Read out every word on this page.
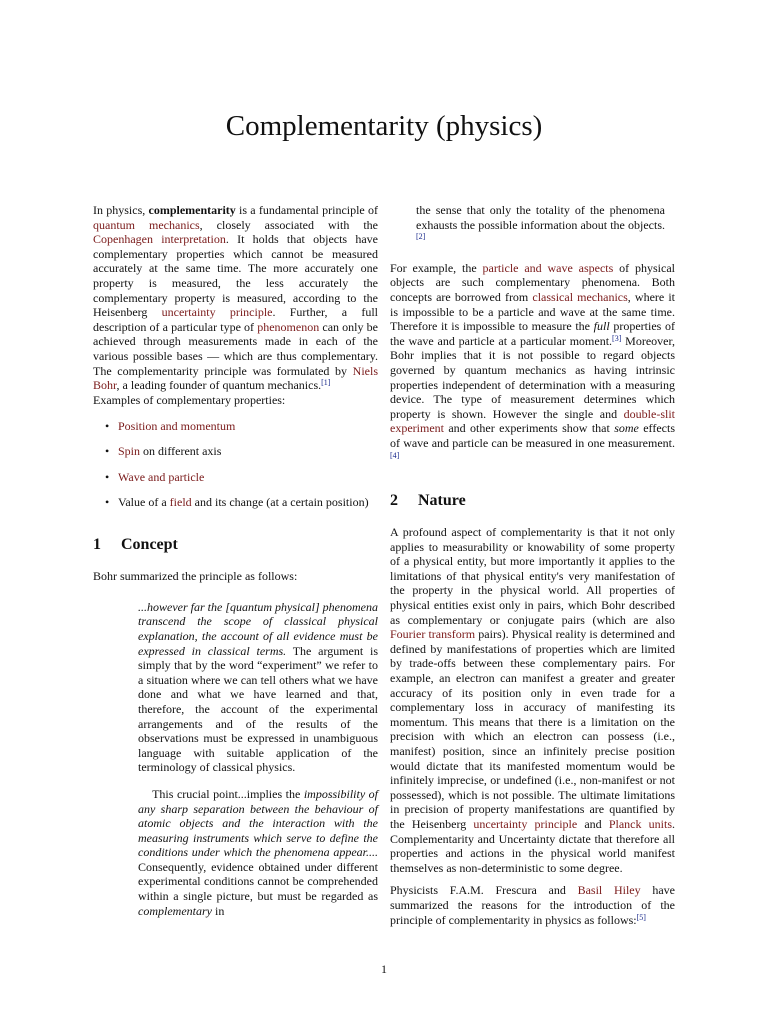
Complementarity (physics)

In physics, complementarity is a fundamental principle of quantum mechanics, closely associated with the Copenhagen interpretation. It holds that objects have complementary properties which cannot be measured accurately at the same time. The more accurately one property is measured, the less accurately the complementary property is measured, according to the Heisenberg uncertainty principle. Further, a full description of a particular type of phenomenon can only be achieved through measurements made in each of the various possible bases — which are thus complementary. The complementarity principle was formulated by Niels Bohr, a leading founder of quantum mechanics.[1]

Examples of complementary properties:

• Position and momentum
• Spin on different axis
• Wave and particle
• Value of a field and its change (at a certain position)
1	Concept

Bohr summarized the principle as follows:

...however far the [quantum physical] phenomena transcend the scope of classical physical explanation, the account of all evidence must be expressed in classical terms. The argument is simply that by the word “experiment” we refer to a situation where we can tell others what we have done and what we have learned and that, therefore, the account of the experimental arrangements and of the results of the observations must be expressed in unambiguous language with suitable application of the terminology of classical physics.

This crucial point...implies the impossibility of any sharp separation between the behaviour of atomic objects and the interaction with the measuring instruments which serve to define the conditions under which the phenomena appear.... Consequently, evidence obtained under different experimental conditions cannot be comprehended within a single picture, but must be regarded as complementary in

the sense that only the totality of the phenomena exhausts the possible information about the objects.[2]

For example, the particle and wave aspects of physical objects are such complementary phenomena. Both concepts are borrowed from classical mechanics, where it is impossible to be a particle and wave at the same time. Therefore it is impossible to measure the full properties of the wave and particle at a particular moment.[3] Moreover, Bohr implies that it is not possible to regard objects governed by quantum mechanics as having intrinsic properties independent of determination with a measuring device. The type of measurement determines which property is shown. However the single and double-slit experiment and other experiments show that some effects of wave and particle can be measured in one measurement.[4]

2	Nature

A profound aspect of complementarity is that it not only applies to measurability or knowability of some property of a physical entity, but more importantly it applies to the limitations of that physical entity's very manifestation of the property in the physical world. All properties of physical entities exist only in pairs, which Bohr described as complementary or conjugate pairs (which are also Fourier transform pairs). Physical reality is determined and defined by manifestations of properties which are limited by trade-offs between these complementary pairs. For example, an electron can manifest a greater and greater accuracy of its position only in even trade for a complementary loss in accuracy of manifesting its momentum. This means that there is a limitation on the precision with which an electron can possess (i.e., manifest) position, since an infinitely precise position would dictate that its manifested momentum would be infinitely imprecise, or undefined (i.e., non-manifest or not possessed), which is not possible. The ultimate limitations in precision of property manifestations are quantified by the Heisenberg uncertainty principle and Planck units. Complementarity and Uncertainty dictate that therefore all properties and actions in the physical world manifest themselves as non-deterministic to some degree.

Physicists F.A.M. Frescura and Basil Hiley have summarized the reasons for the introduction of the principle of complementarity in physics as follows:[5]

1
